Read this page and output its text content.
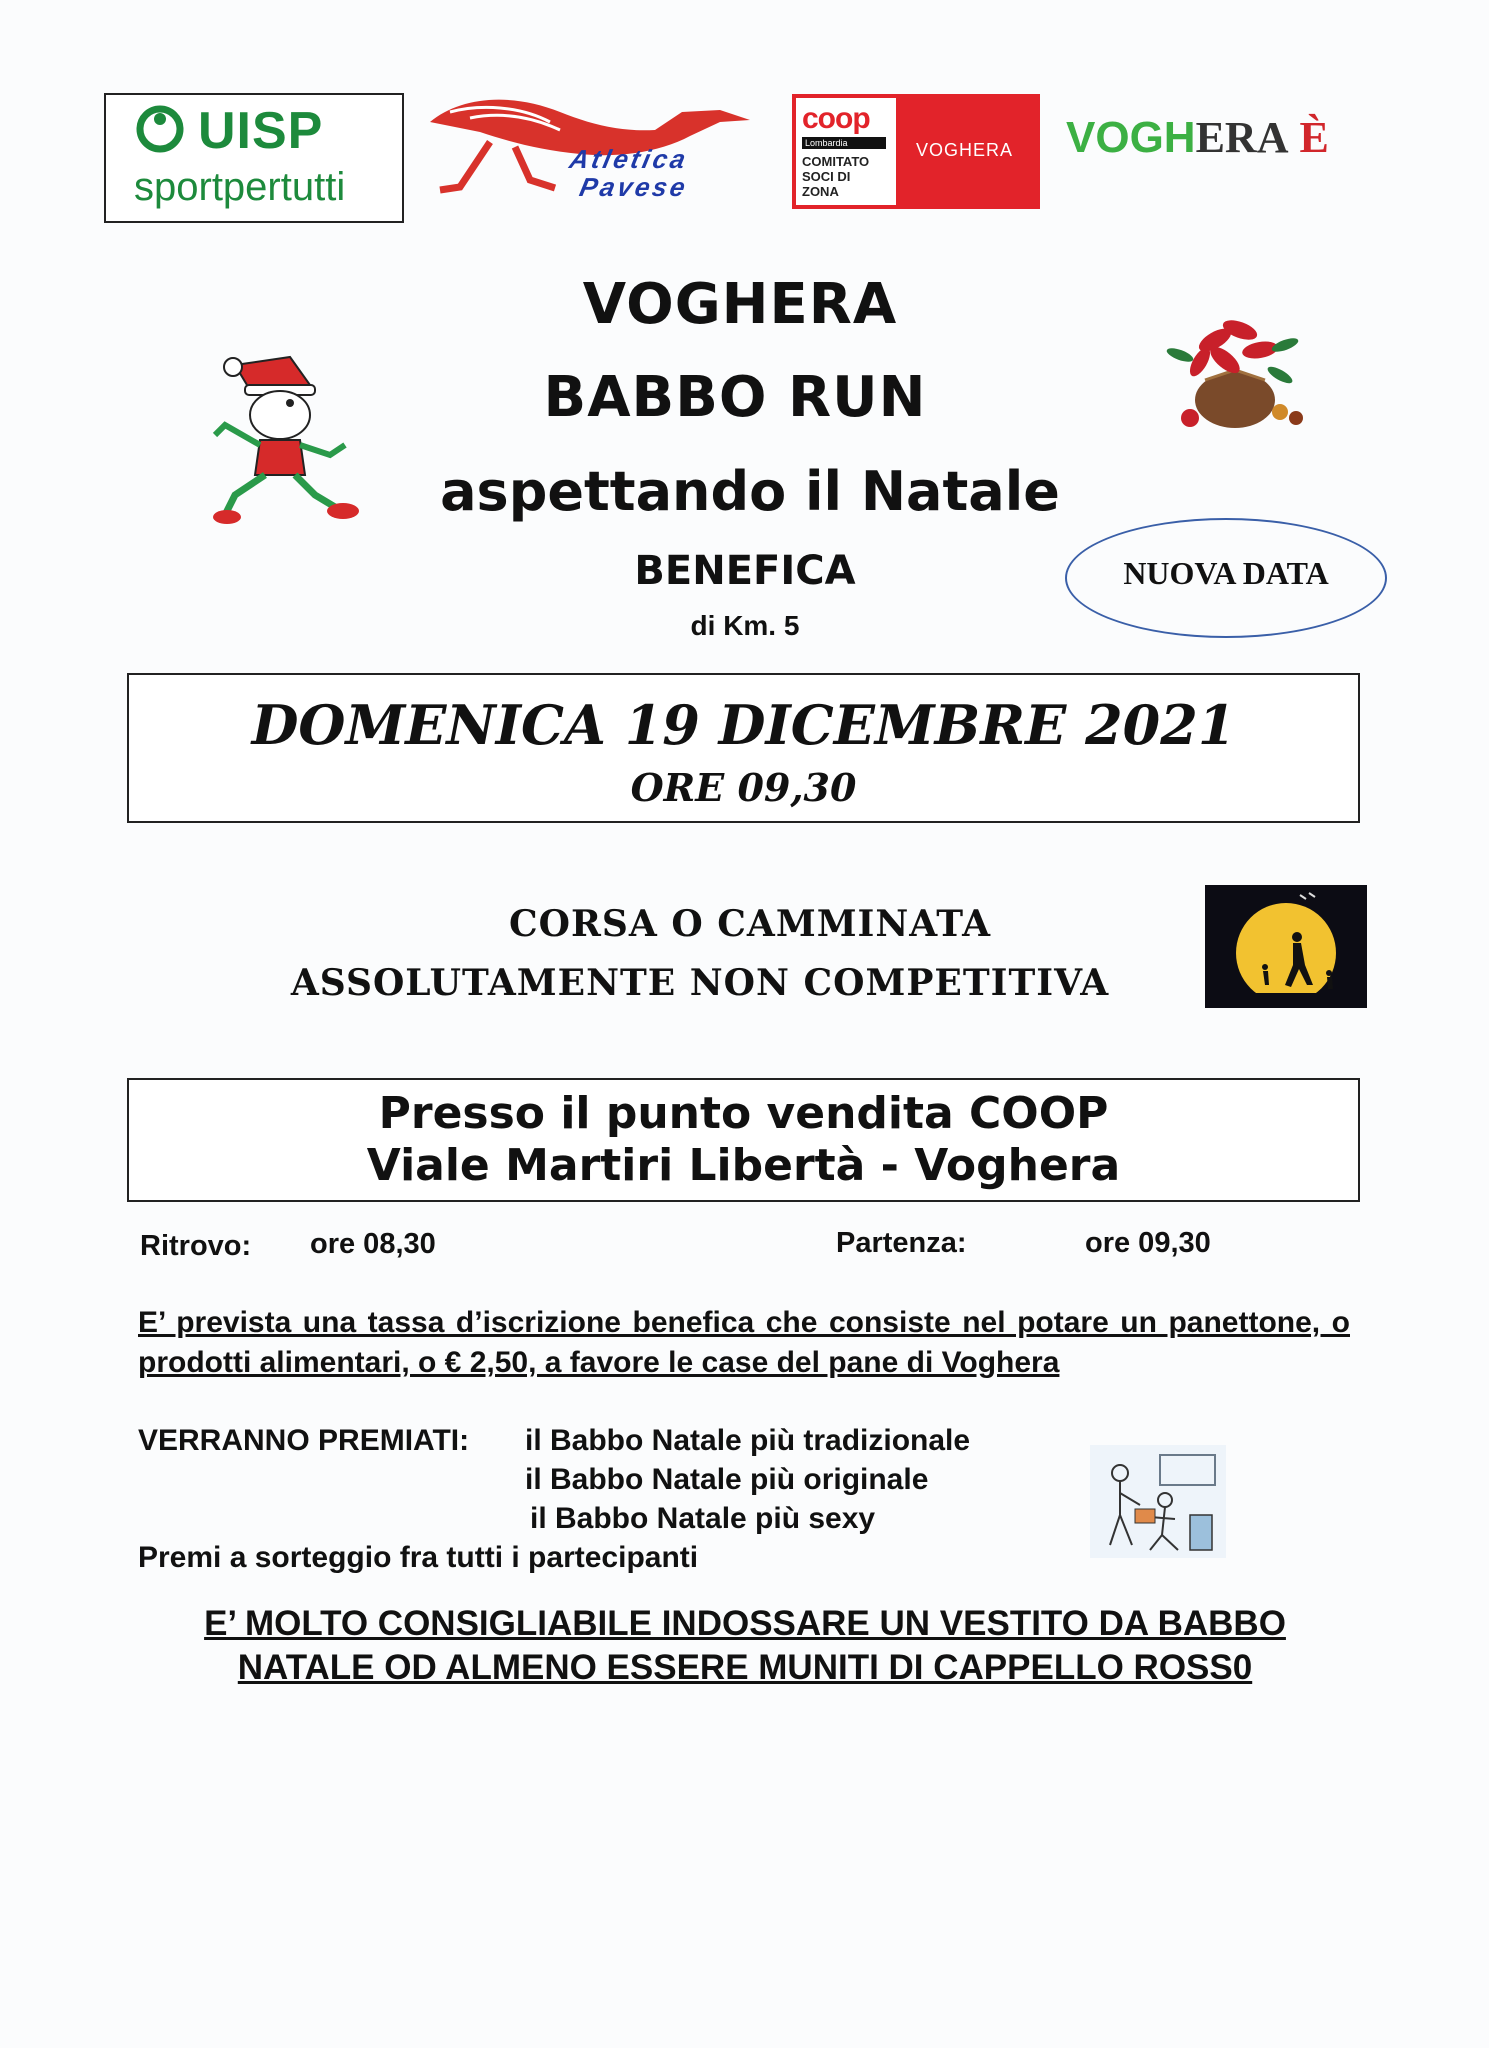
UISP
sportpertutti
Atletica
Pavese
coop
Lombardia
COMITATO
SOCI DI
ZONA
VOGHERA VOGHERA È
VOGHERA
BABBO RUN
aspettando il Natale
BENEFICA
di Km. 5
NUOVA DATA
DOMENICA 19 DICEMBRE 2021
ORE 09,30
CORSA O CAMMINATA
ASSOLUTAMENTE NON COMPETITIVA
Presso il punto vendita COOP
Viale Martiri Libertà - Voghera
Ritrovo: ore 08,30	Partenza:	ore 09,30
E’ prevista una tassa d’iscrizione benefica che consiste nel potare un panettone, o prodotti alimentari, o € 2,50, a favore le case del pane di Voghera
VERRANNO PREMIATI: il Babbo Natale più tradizionale
il Babbo Natale più originale
il Babbo Natale più sexy
Premi a sorteggio fra tutti i partecipanti
E’ MOLTO CONSIGLIABILE INDOSSARE UN VESTITO DA BABBO
NATALE OD ALMENO ESSERE MUNITI DI CAPPELLO ROSS0
